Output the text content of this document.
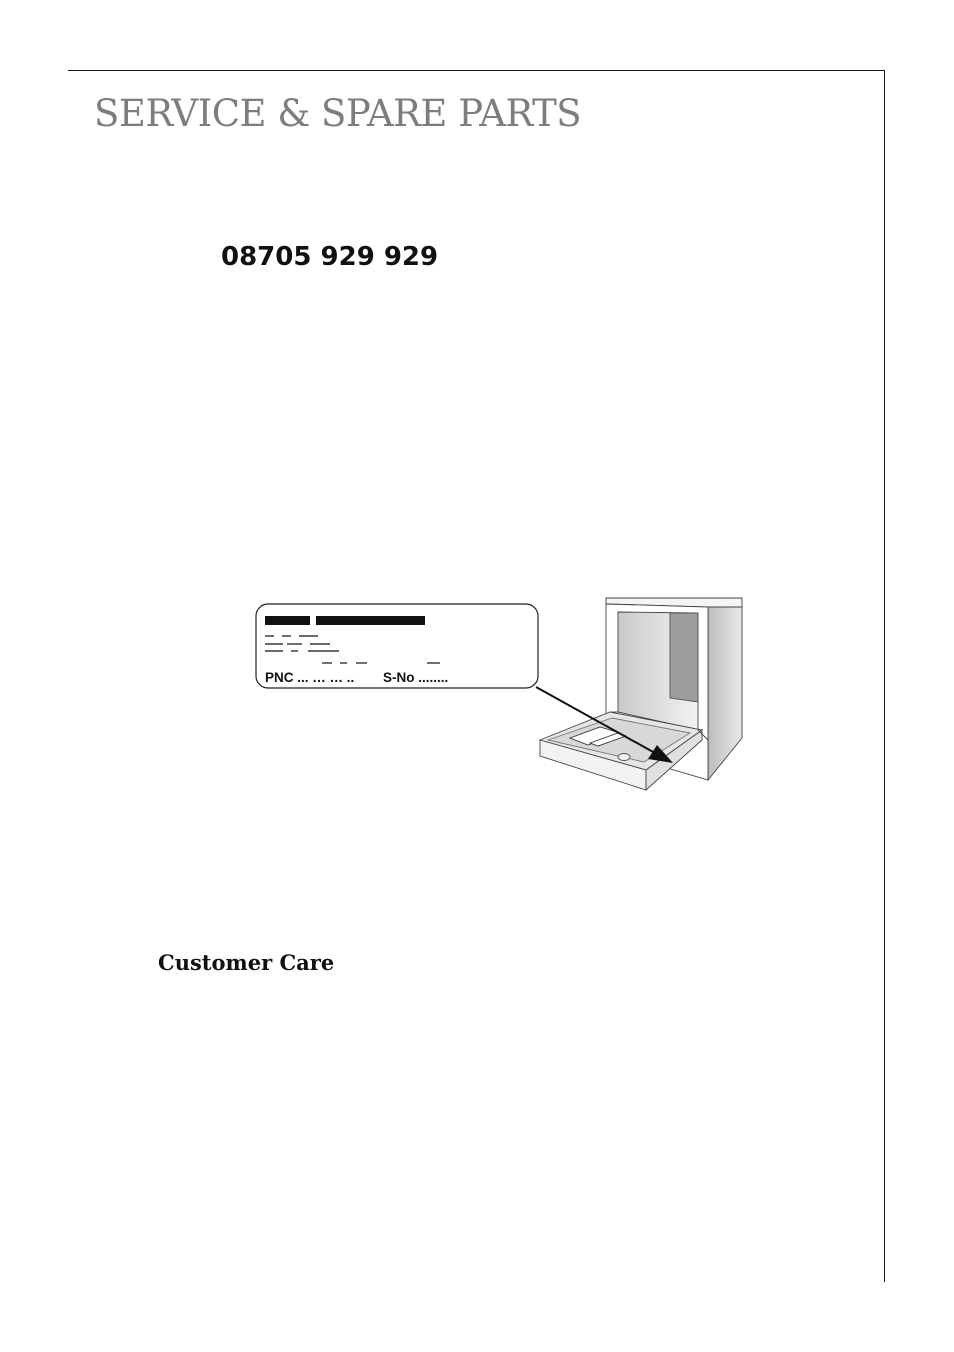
SERVICE & SPARE PARTS
08705 929 929
PNC ... … … .. S-No ........
Customer Care
